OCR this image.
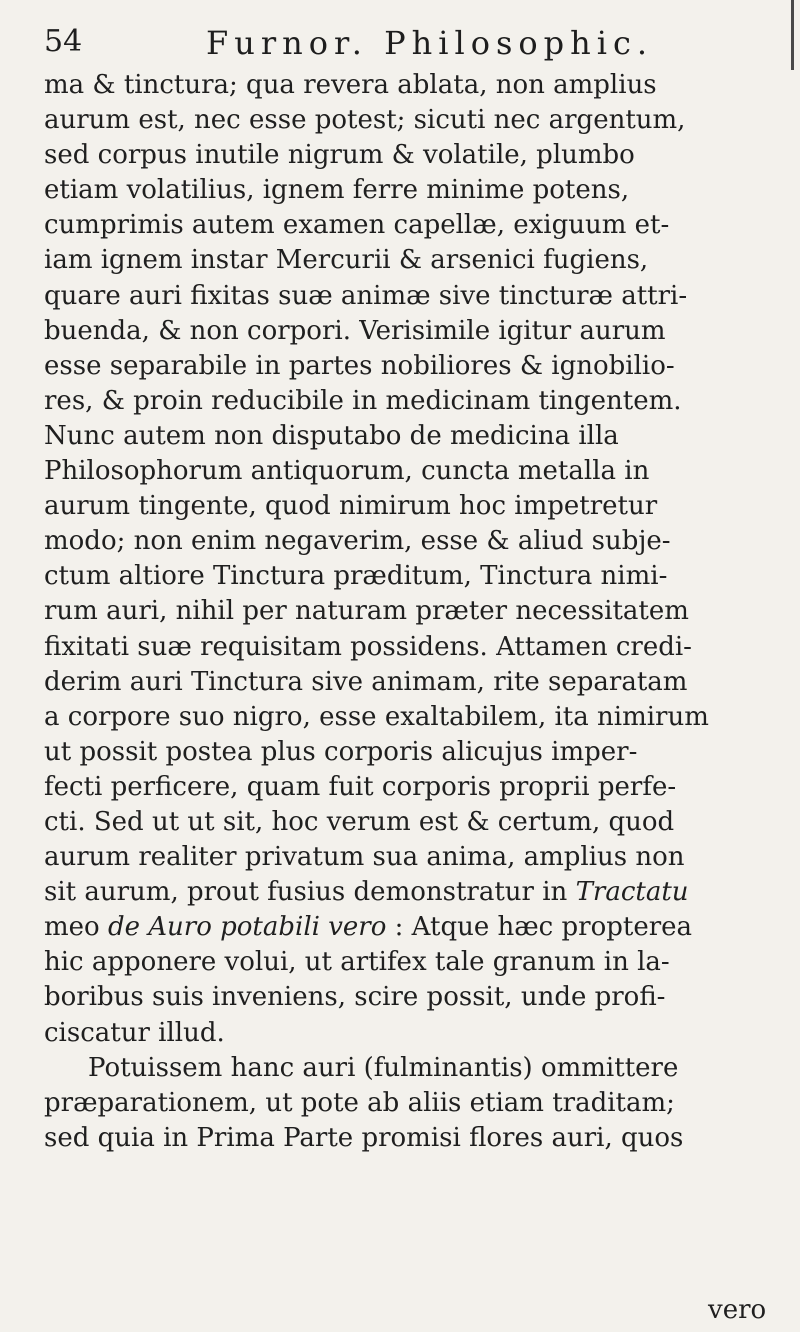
54	Furnor. Philosophic.
ma & tinctura; qua revera ablata, non amplius
aurum est, nec esse potest; sicuti nec argentum,
sed corpus inutile nigrum & volatile, plumbo
etiam volatilius, ignem ferre minime potens,
cumprimis autem examen capellæ, exiguum et-
iam ignem instar Mercurii & arsenici fugiens,
quare auri fixitas suæ animæ sive tincturæ attri-
buenda, & non corpori. Verisimile igitur aurum
esse separabile in partes nobiliores & ignobilio-
res, & proin reducibile in medicinam tingentem.
Nunc autem non disputabo de medicina illa
Philosophorum antiquorum, cuncta metalla in
aurum tingente, quod nimirum hoc impetretur
modo; non enim negaverim, esse & aliud subje-
ctum altiore Tinctura præditum, Tinctura nimi-
rum auri, nihil per naturam præter necessitatem
fixitati suæ requisitam possidens. Attamen credi-
derim auri Tinctura sive animam, rite separatam
a corpore suo nigro, esse exaltabilem, ita nimirum
ut possit postea plus corporis alicujus imper-
fecti perficere, quam fuit corporis proprii perfe-
cti. Sed ut ut sit, hoc verum est & certum, quod
aurum realiter privatum sua anima, amplius non
sit aurum, prout fusius demonstratur in Tractatu
meo de Auro potabili vero : Atque hæc propterea
hic apponere volui, ut artifex tale granum in la-
boribus suis inveniens, scire possit, unde profi-
ciscatur illud.
Potuissem hanc auri (fulminantis) ommittere
præparationem, ut pote ab aliis etiam traditam;
sed quia in Prima Parte promisi flores auri, quos
vero
